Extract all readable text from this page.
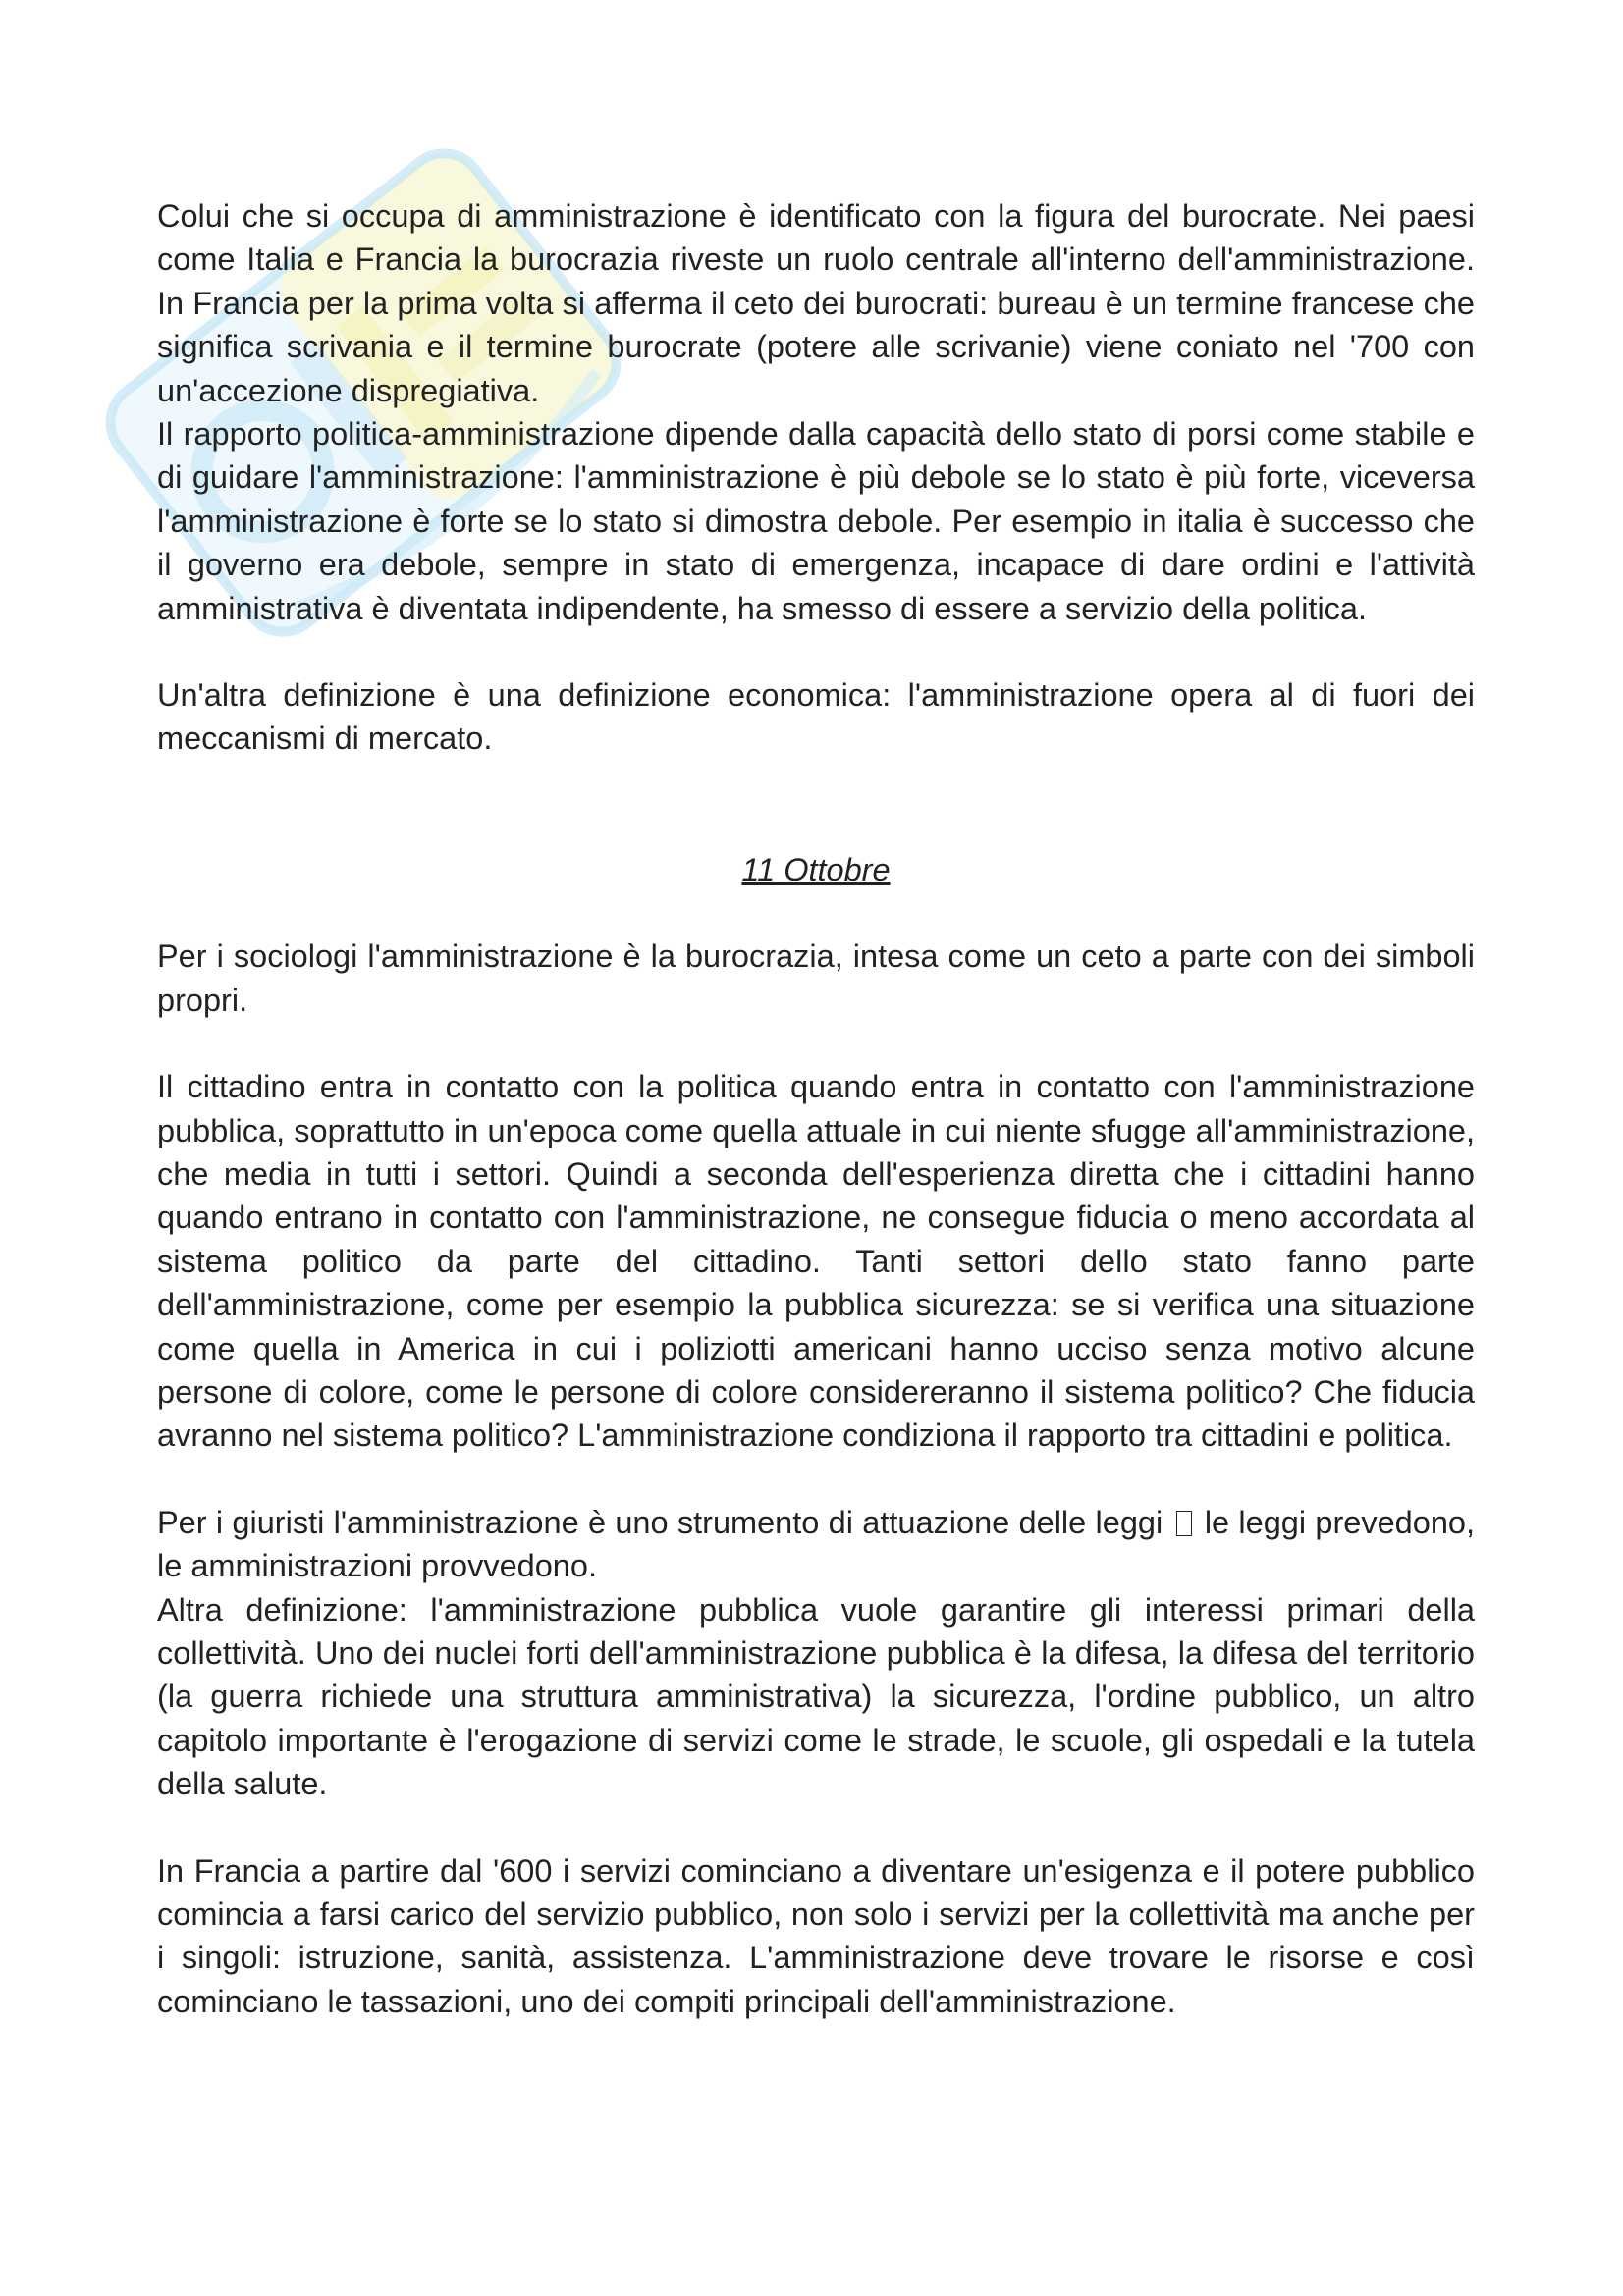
Colui che si occupa di amministrazione è identificato con la figura del burocrate. Nei paesi come Italia e Francia la burocrazia riveste un ruolo centrale all'interno dell'amministrazione. In Francia per la prima volta si afferma il ceto dei burocrati: bureau è un termine francese che significa scrivania e il termine burocrate (potere alle scrivanie) viene coniato nel '700 con un'accezione dispregiativa.

Il rapporto politica-amministrazione dipende dalla capacità dello stato di porsi come stabile e di guidare l'amministrazione: l'amministrazione è più debole se lo stato è più forte, viceversa l'amministrazione è forte se lo stato si dimostra debole. Per esempio in italia è successo che il governo era debole, sempre in stato di emergenza, incapace di dare ordini e l'attività amministrativa è diventata indipendente, ha smesso di essere a servizio della politica.

Un'altra definizione è una definizione economica: l'amministrazione opera al di fuori dei meccanismi di mercato.

11 Ottobre

Per i sociologi l'amministrazione è la burocrazia, intesa come un ceto a parte con dei simboli propri.

Il cittadino entra in contatto con la politica quando entra in contatto con l'amministrazione pubblica, soprattutto in un'epoca come quella attuale in cui niente sfugge all'amministrazione, che media in tutti i settori. Quindi a seconda dell'esperienza diretta che i cittadini hanno quando entrano in contatto con l'amministrazione, ne consegue fiducia o meno accordata al sistema politico da parte del cittadino. Tanti settori dello stato fanno parte dell'amministrazione, come per esempio la pubblica sicurezza: se si verifica una situazione come quella in America in cui i poliziotti americani hanno ucciso senza motivo alcune persone di colore, come le persone di colore considereranno il sistema politico? Che fiducia avranno nel sistema politico? L'amministrazione condiziona il rapporto tra cittadini e politica.

Per i giuristi l'amministrazione è uno strumento di attuazione delle leggi le leggi prevedono, le amministrazioni provvedono.

Altra definizione: l'amministrazione pubblica vuole garantire gli interessi primari della collettività. Uno dei nuclei forti dell'amministrazione pubblica è la difesa, la difesa del territorio (la guerra richiede una struttura amministrativa) la sicurezza, l'ordine pubblico, un altro capitolo importante è l'erogazione di servizi come le strade, le scuole, gli ospedali e la tutela della salute.

In Francia a partire dal '600 i servizi cominciano a diventare un'esigenza e il potere pubblico comincia a farsi carico del servizio pubblico, non solo i servizi per la collettività ma anche per i singoli: istruzione, sanità, assistenza. L'amministrazione deve trovare le risorse e così cominciano le tassazioni, uno dei compiti principali dell'amministrazione.
